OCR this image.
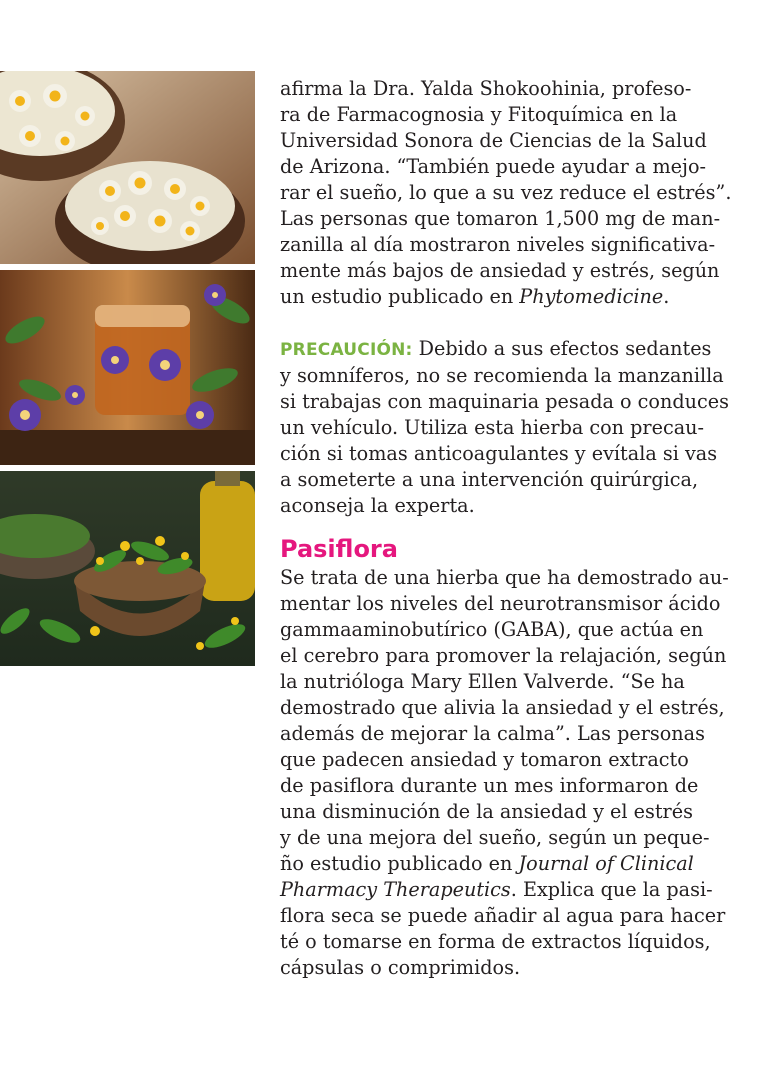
afirma la Dra. Yalda Shokoohinia, profeso-
ra de Farmacognosia y Fitoquímica en la
Universidad Sonora de Ciencias de la Salud
de Arizona. “También puede ayudar a mejo-
rar el sueño, lo que a su vez reduce el estrés”.
Las personas que tomaron 1,500 mg de man-
zanilla al día mostraron niveles significativa-
mente más bajos de ansiedad y estrés, según
un estudio publicado en Phytomedicine.

PRECAUCIÓN: Debido a sus efectos sedantes
y somníferos, no se recomienda la manzanilla
si trabajas con maquinaria pesada o conduces
un vehículo. Utiliza esta hierba con precau-
ción si tomas anticoagulantes y evítala si vas
a someterte a una intervención quirúrgica,
aconseja la experta.

Pasiflora

Se trata de una hierba que ha demostrado au-
mentar los niveles del neurotransmisor ácido
gammaaminobutírico (GABA), que actúa en
el cerebro para promover la relajación, según
la nutrióloga Mary Ellen Valverde. “Se ha
demostrado que alivia la ansiedad y el estrés,
además de mejorar la calma”. Las personas
que padecen ansiedad y tomaron extracto
de pasiflora durante un mes informaron de
una disminución de la ansiedad y el estrés
y de una mejora del sueño, según un peque-
ño estudio publicado en Journal of Clinical
Pharmacy Therapeutics. Explica que la pasi-
flora seca se puede añadir al agua para hacer
té o tomarse en forma de extractos líquidos,
cápsulas o comprimidos.
